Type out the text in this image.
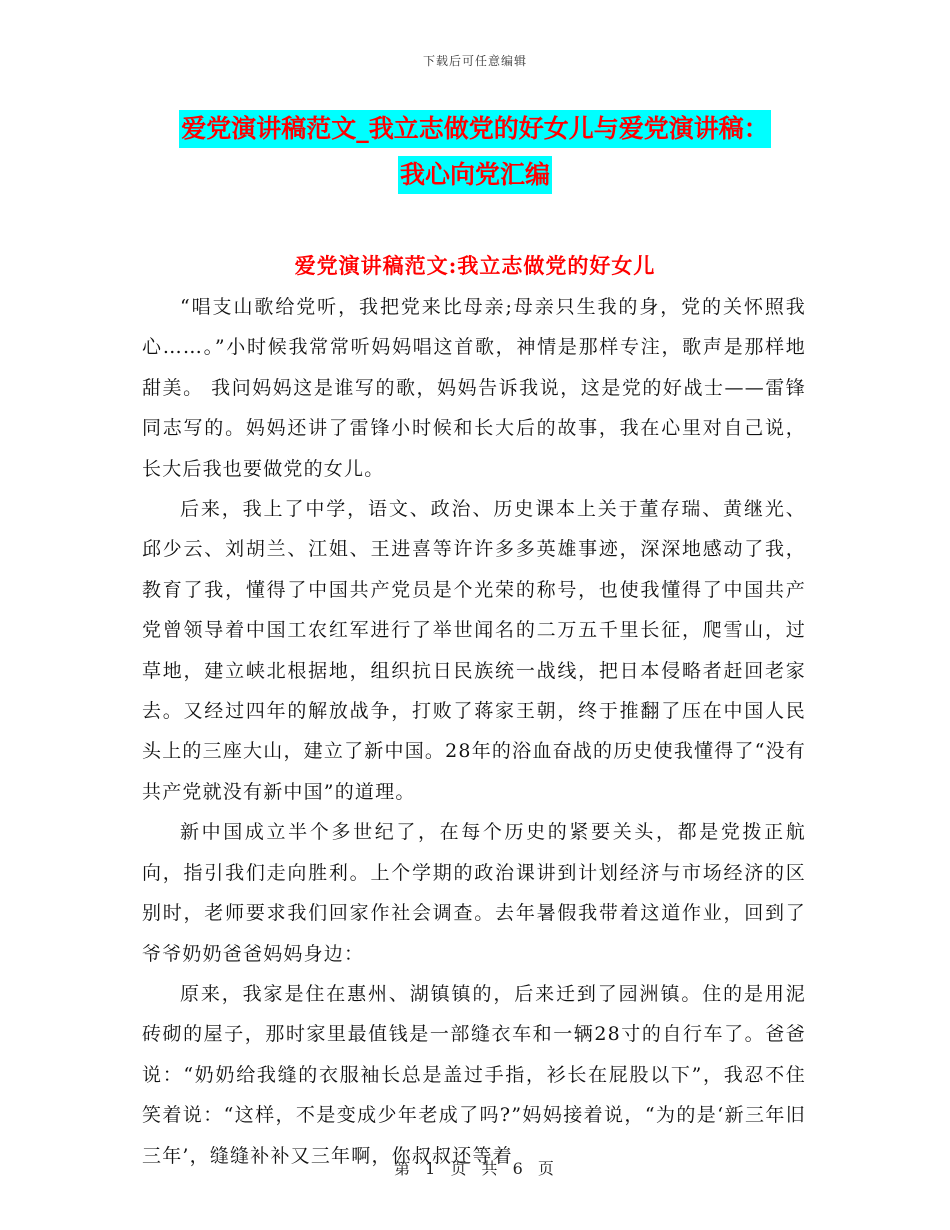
下载后可任意编辑
爱党演讲稿范文_我立志做党的好女儿与爱党演讲稿：
我心向党汇编
爱党演讲稿范文:我立志做党的好女儿

“唱支山歌给党听，我把党来比母亲;母亲只生我的身，党的关怀照我心……。”小时候我常常听妈妈唱这首歌，神情是那样专注，歌声是那样地甜美。 我问妈妈这是谁写的歌，妈妈告诉我说，这是党的好战士——雷锋同志写的。妈妈还讲了雷锋小时候和长大后的故事，我在心里对自己说，长大后我也要做党的女儿。

后来，我上了中学，语文、政治、历史课本上关于董存瑞、黄继光、邱少云、刘胡兰、江姐、王进喜等许许多多英雄事迹，深深地感动了我，教育了我，懂得了中国共产党员是个光荣的称号，也使我懂得了中国共产党曾领导着中国工农红军进行了举世闻名的二万五千里长征，爬雪山，过草地，建立峡北根据地，组织抗日民族统一战线，把日本侵略者赶回老家去。又经过四年的解放战争，打败了蒋家王朝，终于推翻了压在中国人民头上的三座大山，建立了新中国。28年的浴血奋战的历史使我懂得了“没有共产党就没有新中国”的道理。

新中国成立半个多世纪了，在每个历史的紧要关头，都是党拨正航向，指引我们走向胜利。上个学期的政治课讲到计划经济与市场经济的区别时，老师要求我们回家作社会调查。去年暑假我带着这道作业，回到了爷爷奶奶爸爸妈妈身边：

原来，我家是住在惠州、湖镇镇的，后来迁到了园洲镇。住的是用泥砖砌的屋子，那时家里最值钱是一部缝衣车和一辆28寸的自行车了。爸爸说：“奶奶给我缝的衣服袖长总是盖过手指，衫长在屁股以下”，我忍不住笑着说：“这样，不是变成少年老成了吗?”妈妈接着说，“为的是‘新三年旧三年’，缝缝补补又三年啊，你叔叔还等着

第 1 页 共 6 页
